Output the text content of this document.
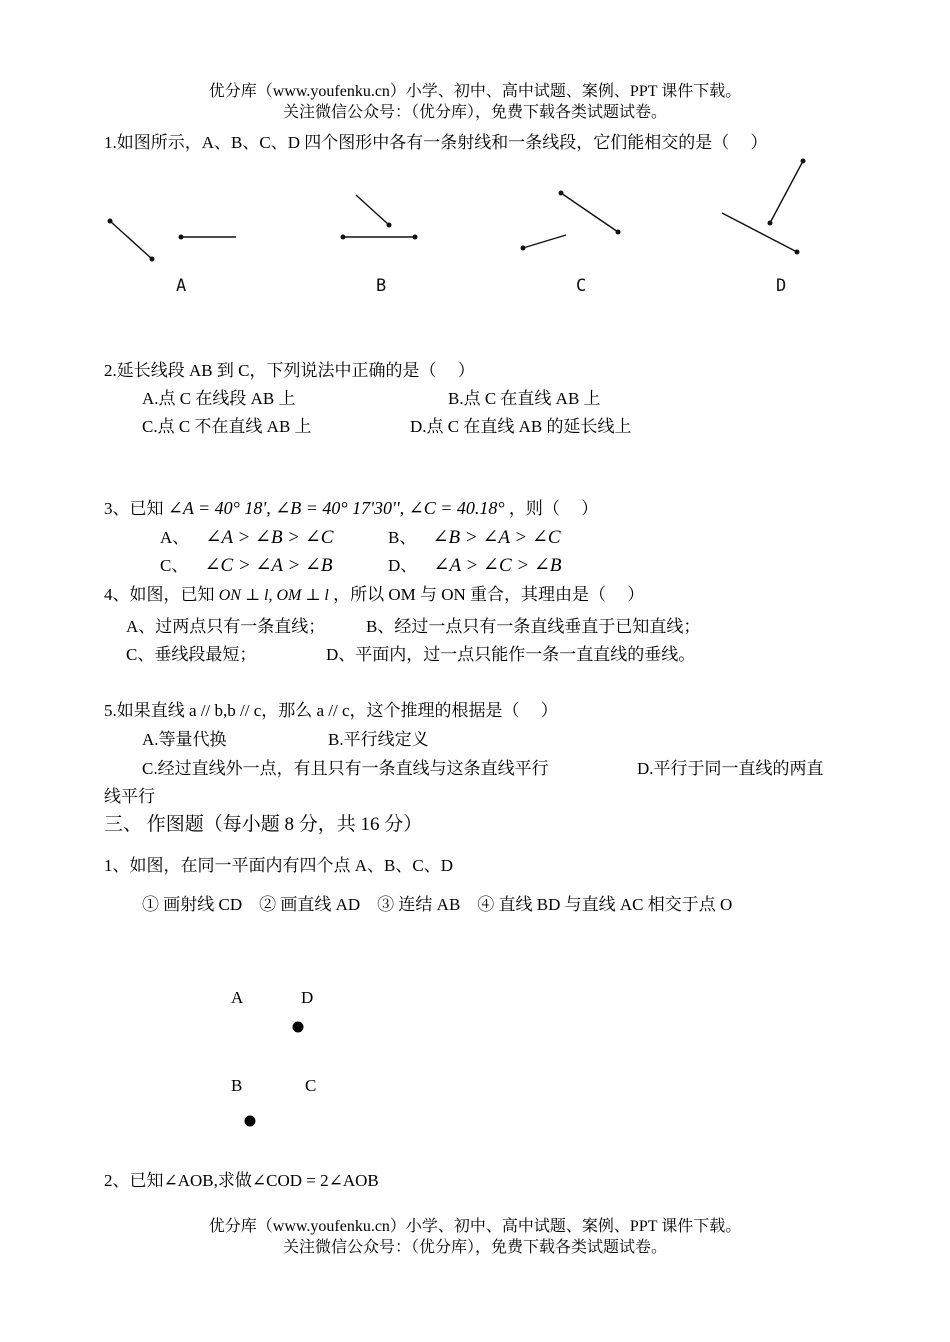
优分库（www.youfenku.cn）小学、初中、高中试题、案例、PPT 课件下载。
关注微信公众号：（优分库），免费下载各类试题试卷。
1.如图所示，A、B、C、D 四个图形中各有一条射线和一条线段，它们能相交的是（　 ）
A	B	C	D
2.延长线段 AB 到 C，下列说法中正确的是（　 ）
A.点 C 在线段 AB 上	B.点 C 在直线 AB 上
C.点 C 不在直线 AB 上	D.点 C 在直线 AB 的延长线上
3、已知 ∠A = 40° 18', ∠B = 40° 17'30'', ∠C = 40.18° ，则（　 ）
A、 ∠A > ∠B > ∠C	B、 ∠B > ∠A > ∠C
C、 ∠C > ∠A > ∠B	D、 ∠A > ∠C > ∠B
4、如图，已知 ON ⊥ l, OM ⊥ l ，所以 OM 与 ON 重合，其理由是（　 ）
A、过两点只有一条直线； B、经过一点只有一条直线垂直于已知直线；
C、垂线段最短；	D、平面内，过一点只能作一条一直直线的垂线。
5.如果直线 a // b,b // c，那么 a // c，这个推理的根据是（　 ）
A.等量代换	B.平行线定义
C.经过直线外一点，有且只有一条直线与这条直线平行	D.平行于同一直线的两直
线平行
三、 作图题（每小题 8 分，共 16 分）
1、如图，在同一平面内有四个点 A、B、C、D
① 画射线 CD　② 画直线 AD　③ 连结 AB　④ 直线 BD 与直线 AC 相交于点 O
A	D
B	C
2、已知∠AOB,求做∠COD = 2∠AOB
优分库（www.youfenku.cn）小学、初中、高中试题、案例、PPT 课件下载。
关注微信公众号：（优分库），免费下载各类试题试卷。
